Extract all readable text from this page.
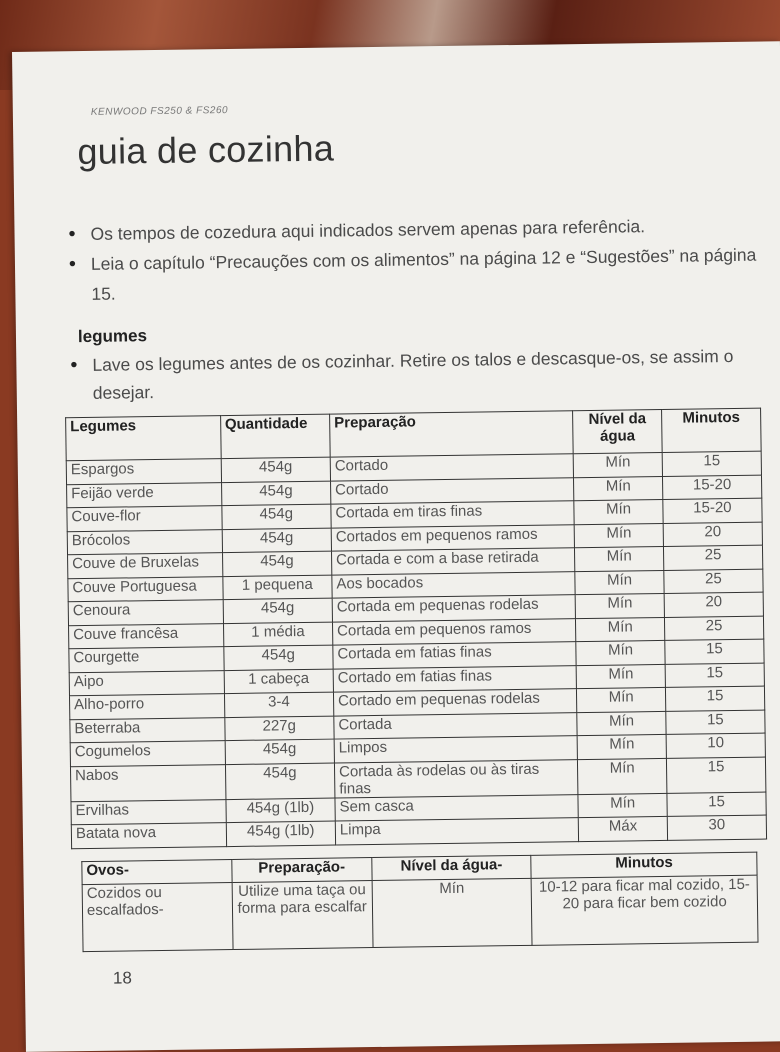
KENWOOD FS250 & FS260
guia de cozinha
• Os tempos de cozedura aqui indicados servem apenas para referência.
• Leia o capítulo “Precauções com os alimentos” na página 12 e “Sugestões” na página 15.
legumes
• Lave os legumes antes de os cozinhar. Retire os talos e descasque-os, se assim o desejar.
Legumes	Quantidade	Preparação	Nível da água	Minutos
Espargos	454g	Cortado	Mín	15
Feijão verde	454g	Cortado	Mín	15-20
Couve-flor	454g	Cortada em tiras finas	Mín	15-20
Brócolos	454g	Cortados em pequenos ramos	Mín	20
Couve de Bruxelas	454g	Cortada e com a base retirada	Mín	25
Couve Portuguesa	1 pequena	Aos bocados	Mín	25
Cenoura	454g	Cortada em pequenas rodelas	Mín	20
Couve francêsa	1 média	Cortada em pequenos ramos	Mín	25
Courgette	454g	Cortada em fatias finas	Mín	15
Aipo	1 cabeça	Cortado em fatias finas	Mín	15
Alho-porro	3-4	Cortado em pequenas rodelas	Mín	15
Beterraba	227g	Cortada	Mín	15
Cogumelos	454g	Limpos	Mín	10
Nabos	454g	Cortada às rodelas ou às tiras finas	Mín	15
Ervilhas	454g (1lb)	Sem casca	Mín	15
Batata nova	454g (1lb)	Limpa	Máx	30
Ovos-	Preparação-	Nível da água-	Minutos
Cozidos ou escalfados-	Utilize uma taça ou forma para escalfar	Mín	10-12 para ficar mal cozido, 15-20 para ficar bem cozido
18
